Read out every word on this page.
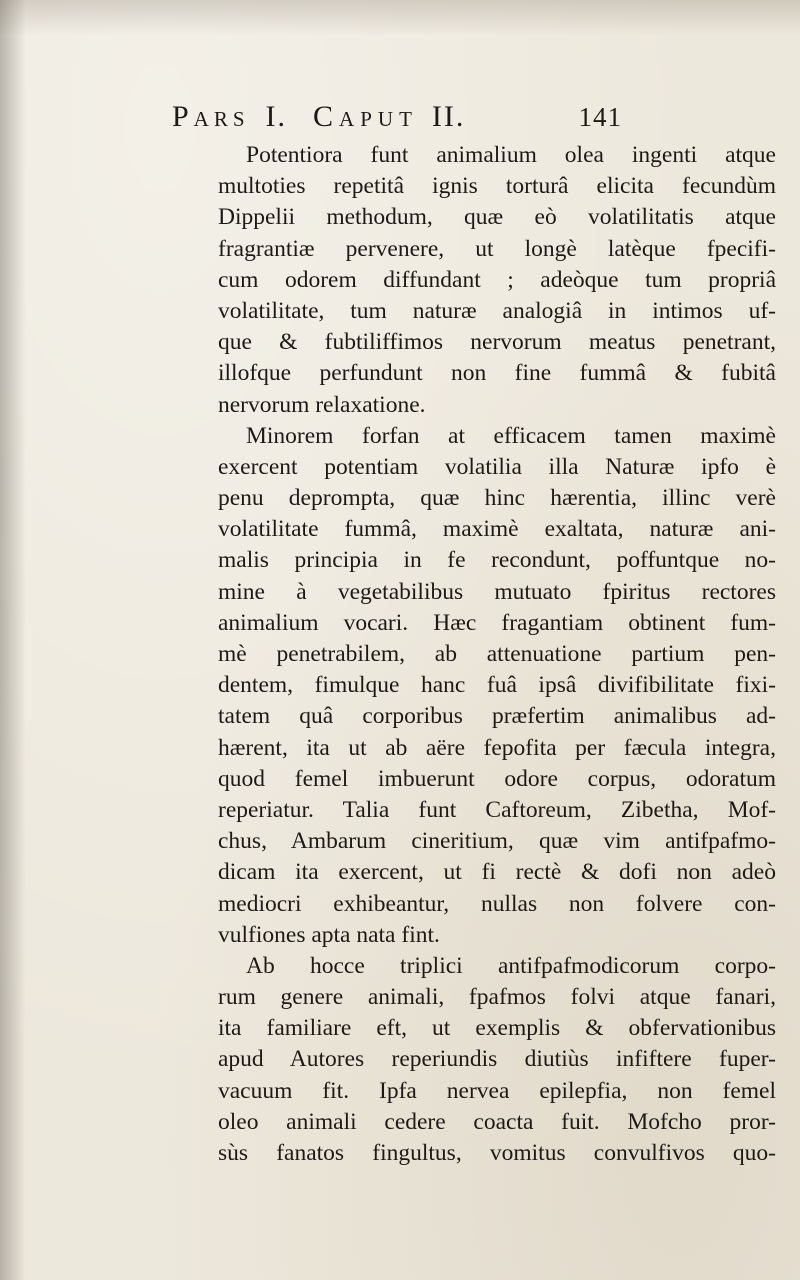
Pars I. Caput II.	141
Potentiora funt animalium olea ingenti atque
multoties repetitâ ignis torturâ elicita fecundùm
Dippelii methodum, quæ eò volatilitatis atque
fragrantiæ pervenere, ut longè latèque fpecifi-
cum odorem diffundant ; adeòque tum propriâ
volatilitate, tum naturæ analogiâ in intimos uf-
que & fubtiliffimos nervorum meatus penetrant,
illofque perfundunt non fine fummâ & fubitâ
nervorum relaxatione.
Minorem forfan at efficacem tamen maximè
exercent potentiam volatilia illa Naturæ ipfo è
penu deprompta, quæ hinc hærentia, illinc verè
volatilitate fummâ, maximè exaltata, naturæ ani-
malis principia in fe recondunt, poffuntque no-
mine à vegetabilibus mutuato fpiritus rectores
animalium vocari. Hæc fragantiam obtinent fum-
mè penetrabilem, ab attenuatione partium pen-
dentem, fimulque hanc fuâ ipsâ divifibilitate fixi-
tatem quâ corporibus præfertim animalibus ad-
hærent, ita ut ab aëre fepofita per fæcula integra,
quod femel imbuerunt odore corpus, odoratum
reperiatur. Talia funt Caftoreum, Zibetha, Mof-
chus, Ambarum cineritium, quæ vim antifpafmo-
dicam ita exercent, ut fi rectè & dofi non adeò
mediocri exhibeantur, nullas non folvere con-
vulfiones apta nata fint.
Ab hocce triplici antifpafmodicorum corpo-
rum genere animali, fpafmos folvi atque fanari,
ita familiare eft, ut exemplis & obfervationibus
apud Autores reperiundis diutiùs infiftere fuper-
vacuum fit. Ipfa nervea epilepfia, non femel
oleo animali cedere coacta fuit. Mofcho pror-
sùs fanatos fingultus, vomitus convulfivos quo-
